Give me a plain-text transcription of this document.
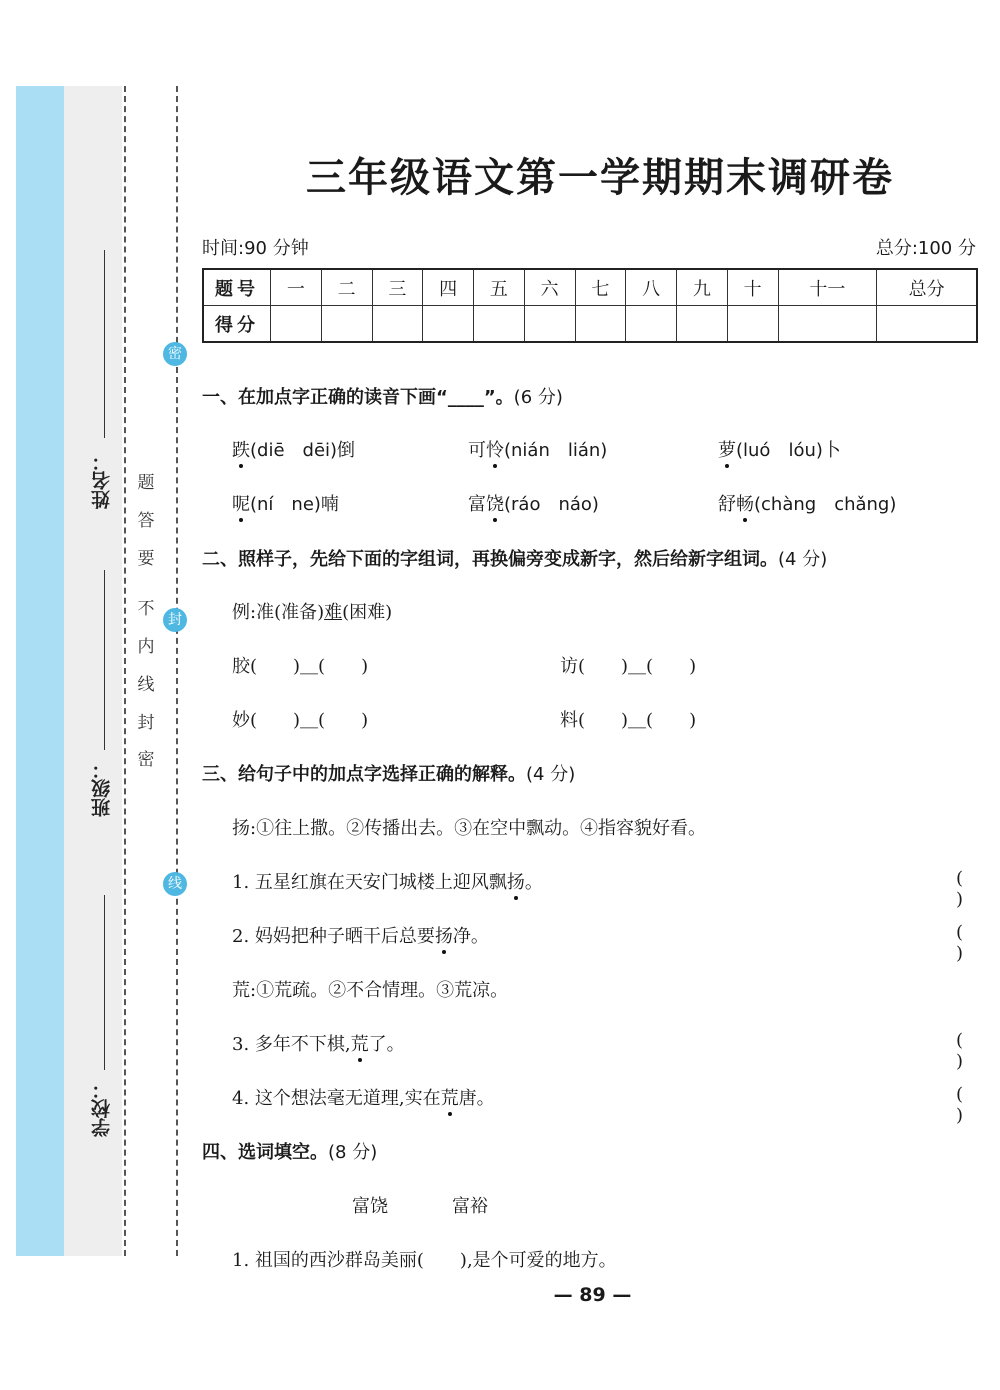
姓名：
班级：
学校：
密
封
线
内
不
要
答
题
密
封
线
三年级语文第一学期期末调研卷
时间:90 分钟	总分:100 分
题号	一	二	三	四	五	六	七	八	九	十	十一	总分
得分												
一、在加点字正确的读音下画“____”。(6 分)
跌(diē　dēi)倒	可怜(nián　lián)	萝(luó　lóu)卜
呢(ní　ne)喃	富饶(ráo　náo)	舒畅(chàng　chǎng)
二、照样子，先给下面的字组词，再换偏旁变成新字，然后给新字组词。(4 分)
例:准(准备)难(困难)
胶(　　)＿(　　)	访(　　)＿(　　)
妙(　　)＿(　　)	料(　　)＿(　　)
三、给句子中的加点字选择正确的解释。(4 分)
扬:①往上撒。②传播出去。③在空中飘动。④指容貌好看。
1. 五星红旗在天安门城楼上迎风飘扬。	( )
2. 妈妈把种子晒干后总要扬净。	( )
荒:①荒疏。②不合情理。③荒凉。
3. 多年不下棋,荒了。	( )
4. 这个想法毫无道理,实在荒唐。	( )
四、选词填空。(8 分)
富饶	富裕
1. 祖国的西沙群岛美丽(　　),是个可爱的地方。
— 89 —
